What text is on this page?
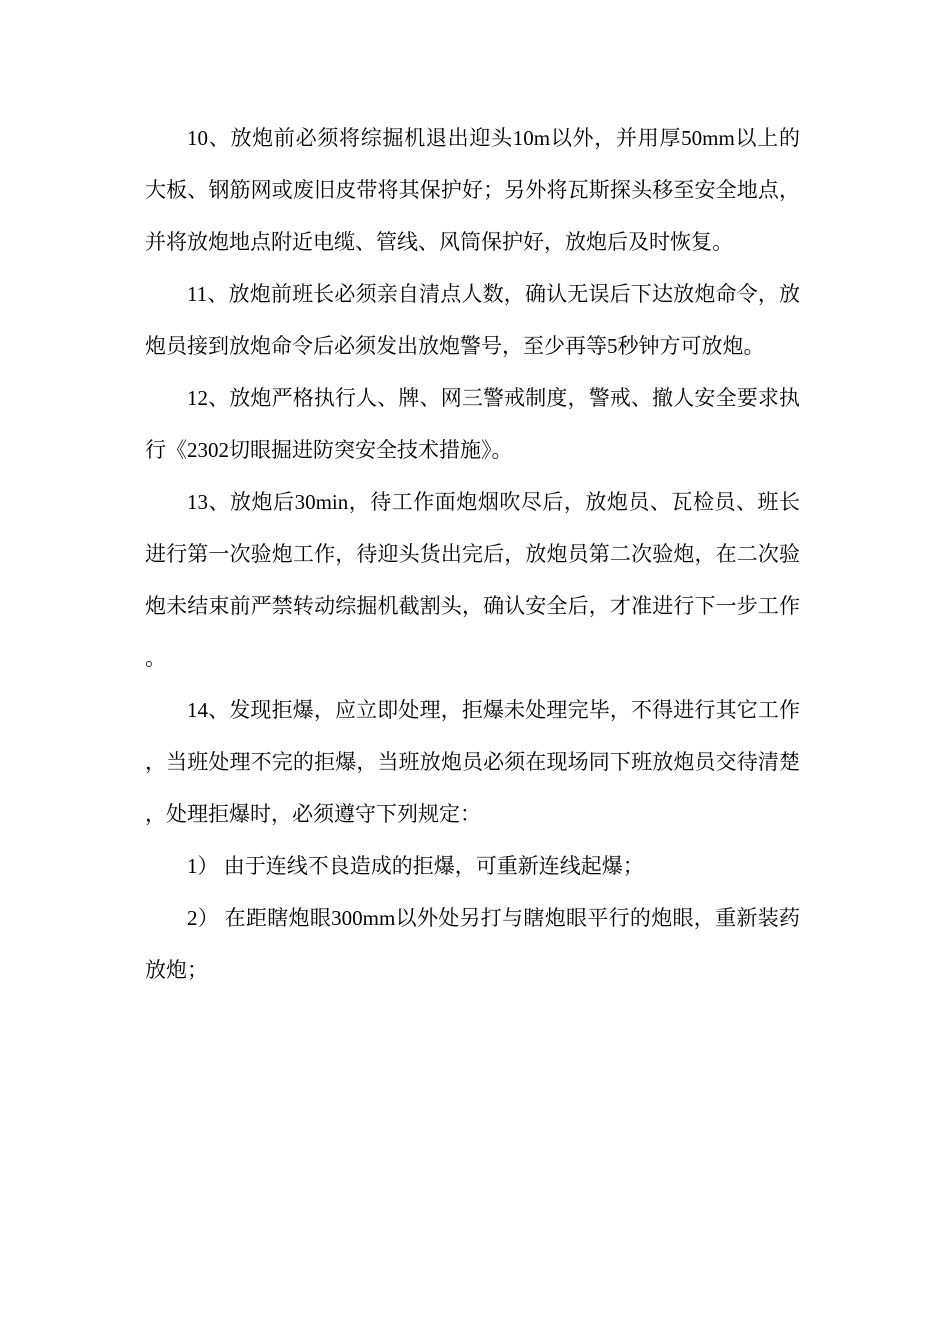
10、放炮前必须将综掘机退出迎头10m以外，并用厚50mm以上的大板、钢筋网或废旧皮带将其保护好；另外将瓦斯探头移至安全地点，并将放炮地点附近电缆、管线、风筒保护好，放炮后及时恢复。

11、放炮前班长必须亲自清点人数，确认无误后下达放炮命令，放炮员接到放炮命令后必须发出放炮警号，至少再等5秒钟方可放炮。

12、放炮严格执行人、牌、网三警戒制度，警戒、撤人安全要求执行《2302切眼掘进防突安全技术措施》。

13、放炮后30min，待工作面炮烟吹尽后，放炮员、瓦检员、班长进行第一次验炮工作，待迎头货出完后，放炮员第二次验炮，在二次验炮未结束前严禁转动综掘机截割头，确认安全后，才准进行下一步工作。

14、发现拒爆，应立即处理，拒爆未处理完毕，不得进行其它工作，当班处理不完的拒爆，当班放炮员必须在现场同下班放炮员交待清楚，处理拒爆时，必须遵守下列规定：

1） 由于连线不良造成的拒爆，可重新连线起爆；

2） 在距瞎炮眼300mm以外处另打与瞎炮眼平行的炮眼，重新装药放炮；
